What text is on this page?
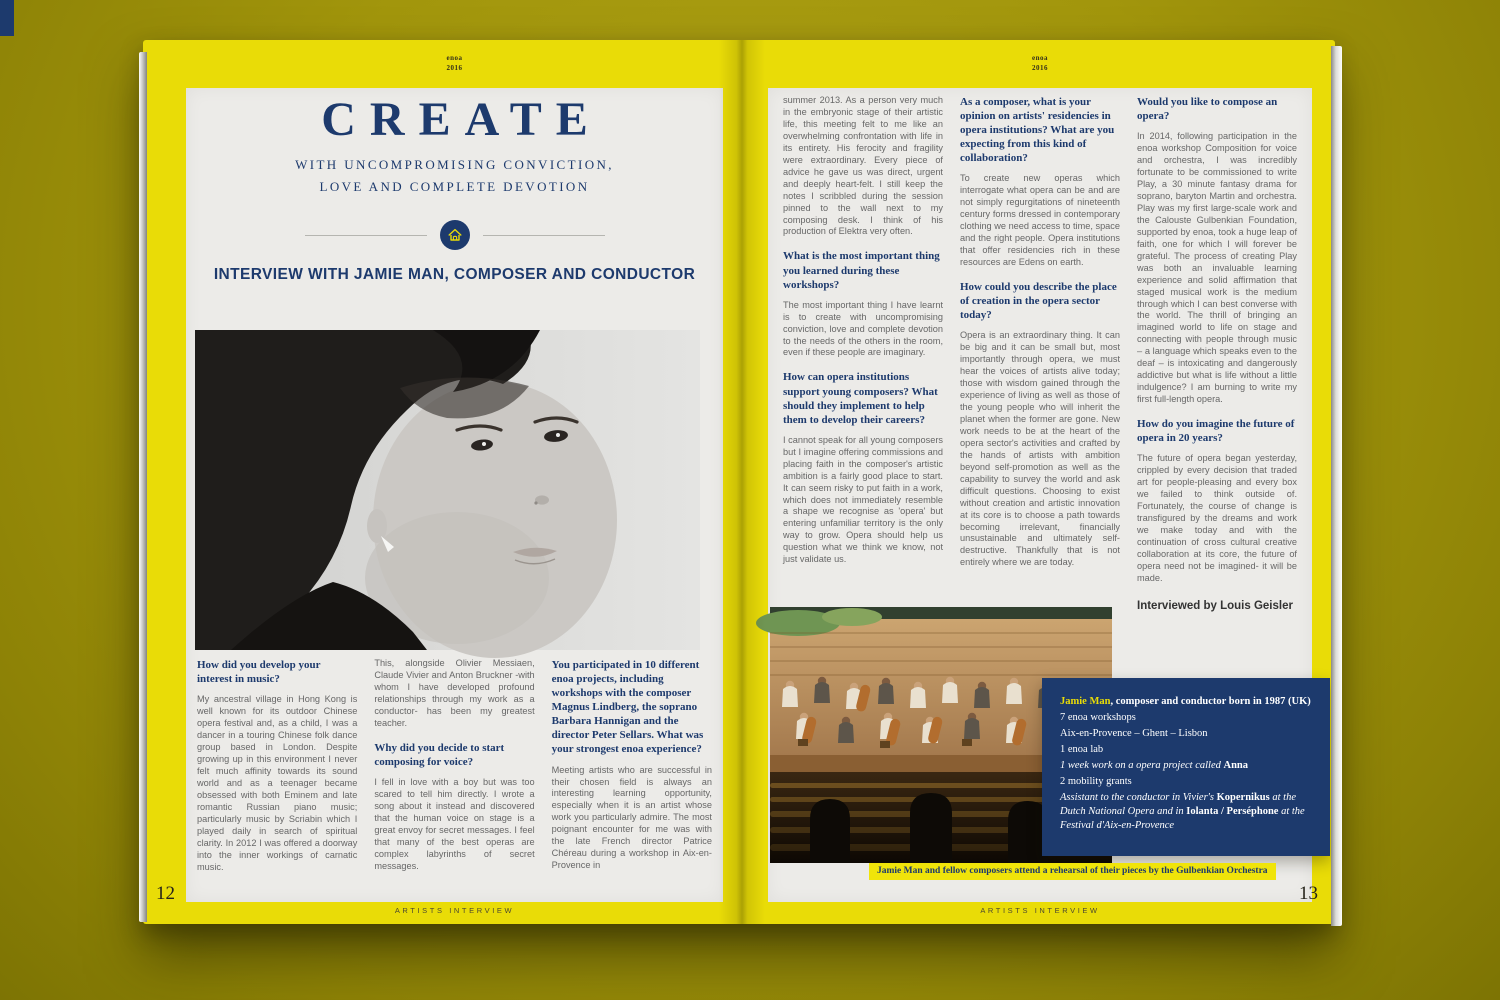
enoa
2016
CREATE
WITH UNCOMPROMISING CONVICTION,
LOVE AND COMPLETE DEVOTION
INTERVIEW WITH JAMIE MAN, COMPOSER AND CONDUCTOR

How did you develop your interest in music?

My ancestral village in Hong Kong is well known for its outdoor Chinese opera festival and, as a child, I was a dancer in a touring Chinese folk dance group based in London. Despite growing up in this environment I never felt much affinity towards its sound world and as a teenager became obsessed with both Eminem and late romantic Russian piano music; particularly music by Scriabin which I played daily in search of spiritual clarity. In 2012 I was offered a doorway into the inner workings of carnatic music.

This, alongside Olivier Messiaen, Claude Vivier and Anton Bruckner -with whom I have developed profound relationships through my work as a conductor- has been my greatest teacher.

Why did you decide to start composing for voice?

I fell in love with a boy but was too scared to tell him directly. I wrote a song about it instead and discovered that the human voice on stage is a great envoy for secret messages. I feel that many of the best operas are complex labyrinths of secret messages.

You participated in 10 different enoa projects, including workshops with the composer Magnus Lindberg, the soprano Barbara Hannigan and the director Peter Sellars. What was your strongest enoa experience?

Meeting artists who are successful in their chosen field is always an interesting learning opportunity, especially when it is an artist whose work you particularly admire. The most poignant encounter for me was with the late French director Patrice Chéreau during a workshop in Aix-en-Provence in

ARTISTS INTERVIEW
12
enoa
2016

summer 2013. As a person very much in the embryonic stage of their artistic life, this meeting felt to me like an overwhelming confrontation with life in its entirety. His ferocity and fragility were extraordinary. Every piece of advice he gave us was direct, urgent and deeply heart-felt. I still keep the notes I scribbled during the session pinned to the wall next to my composing desk. I think of his production of Elektra very often.

What is the most important thing you learned during these workshops?

The most important thing I have learnt is to create with uncompromising conviction, love and complete devotion to the needs of the others in the room, even if these people are imaginary.

How can opera institutions support young composers? What should they implement to help them to develop their careers?

I cannot speak for all young composers but I imagine offering commissions and placing faith in the composer's artistic ambition is a fairly good place to start. It can seem risky to put faith in a work, which does not immediately resemble a shape we recognise as 'opera' but entering unfamiliar territory is the only way to grow. Opera should help us question what we think we know, not just validate us.

As a composer, what is your opinion on artists' residencies in opera institutions? What are you expecting from this kind of collaboration?

To create new operas which interrogate what opera can be and are not simply regurgitations of nineteenth century forms dressed in contemporary clothing we need access to time, space and the right people. Opera institutions that offer residencies rich in these resources are Edens on earth.

How could you describe the place of creation in the opera sector today?

Opera is an extraordinary thing. It can be big and it can be small but, most importantly through opera, we must hear the voices of artists alive today; those with wisdom gained through the experience of living as well as those of the young people who will inherit the planet when the former are gone. New work needs to be at the heart of the opera sector's activities and crafted by the hands of artists with ambition beyond self-promotion as well as the capability to survey the world and ask difficult questions. Choosing to exist without creation and artistic innovation at its core is to choose a path towards becoming irrelevant, financially unsustainable and ultimately self-destructive. Thankfully that is not entirely where we are today.

Would you like to compose an opera?

In 2014, following participation in the enoa workshop Composition for voice and orchestra, I was incredibly fortunate to be commissioned to write Play, a 30 minute fantasy drama for soprano, baryton Martin and orchestra. Play was my first large-scale work and the Calouste Gulbenkian Foundation, supported by enoa, took a huge leap of faith, one for which I will forever be grateful. The process of creating Play was both an invaluable learning experience and solid affirmation that staged musical work is the medium through which I can best converse with the world. The thrill of bringing an imagined world to life on stage and connecting with people through music – a language which speaks even to the deaf – is intoxicating and dangerously addictive but what is life without a little indulgence? I am burning to write my first full-length opera.

How do you imagine the future of opera in 20 years?

The future of opera began yesterday, crippled by every decision that traded art for people-pleasing and every box we failed to think outside of. Fortunately, the course of change is transfigured by the dreams and work we make today and with the continuation of cross cultural creative collaboration at its core, the future of opera need not be imagined- it will be made.

Interviewed by Louis Geisler

Jamie Man, composer and conductor born in 1987 (UK)

7 enoa workshops

Aix-en-Provence – Ghent – Lisbon

1 enoa lab

1 week work on a opera project called Anna

2 mobility grants

Assistant to the conductor in Vivier's Kopernikus at the Dutch National Opera and in Iolanta / Perséphone at the Festival d'Aix-en-Provence

Jamie Man and fellow composers attend a rehearsal of their pieces by the Gulbenkian Orchestra
ARTISTS INTERVIEW
13
